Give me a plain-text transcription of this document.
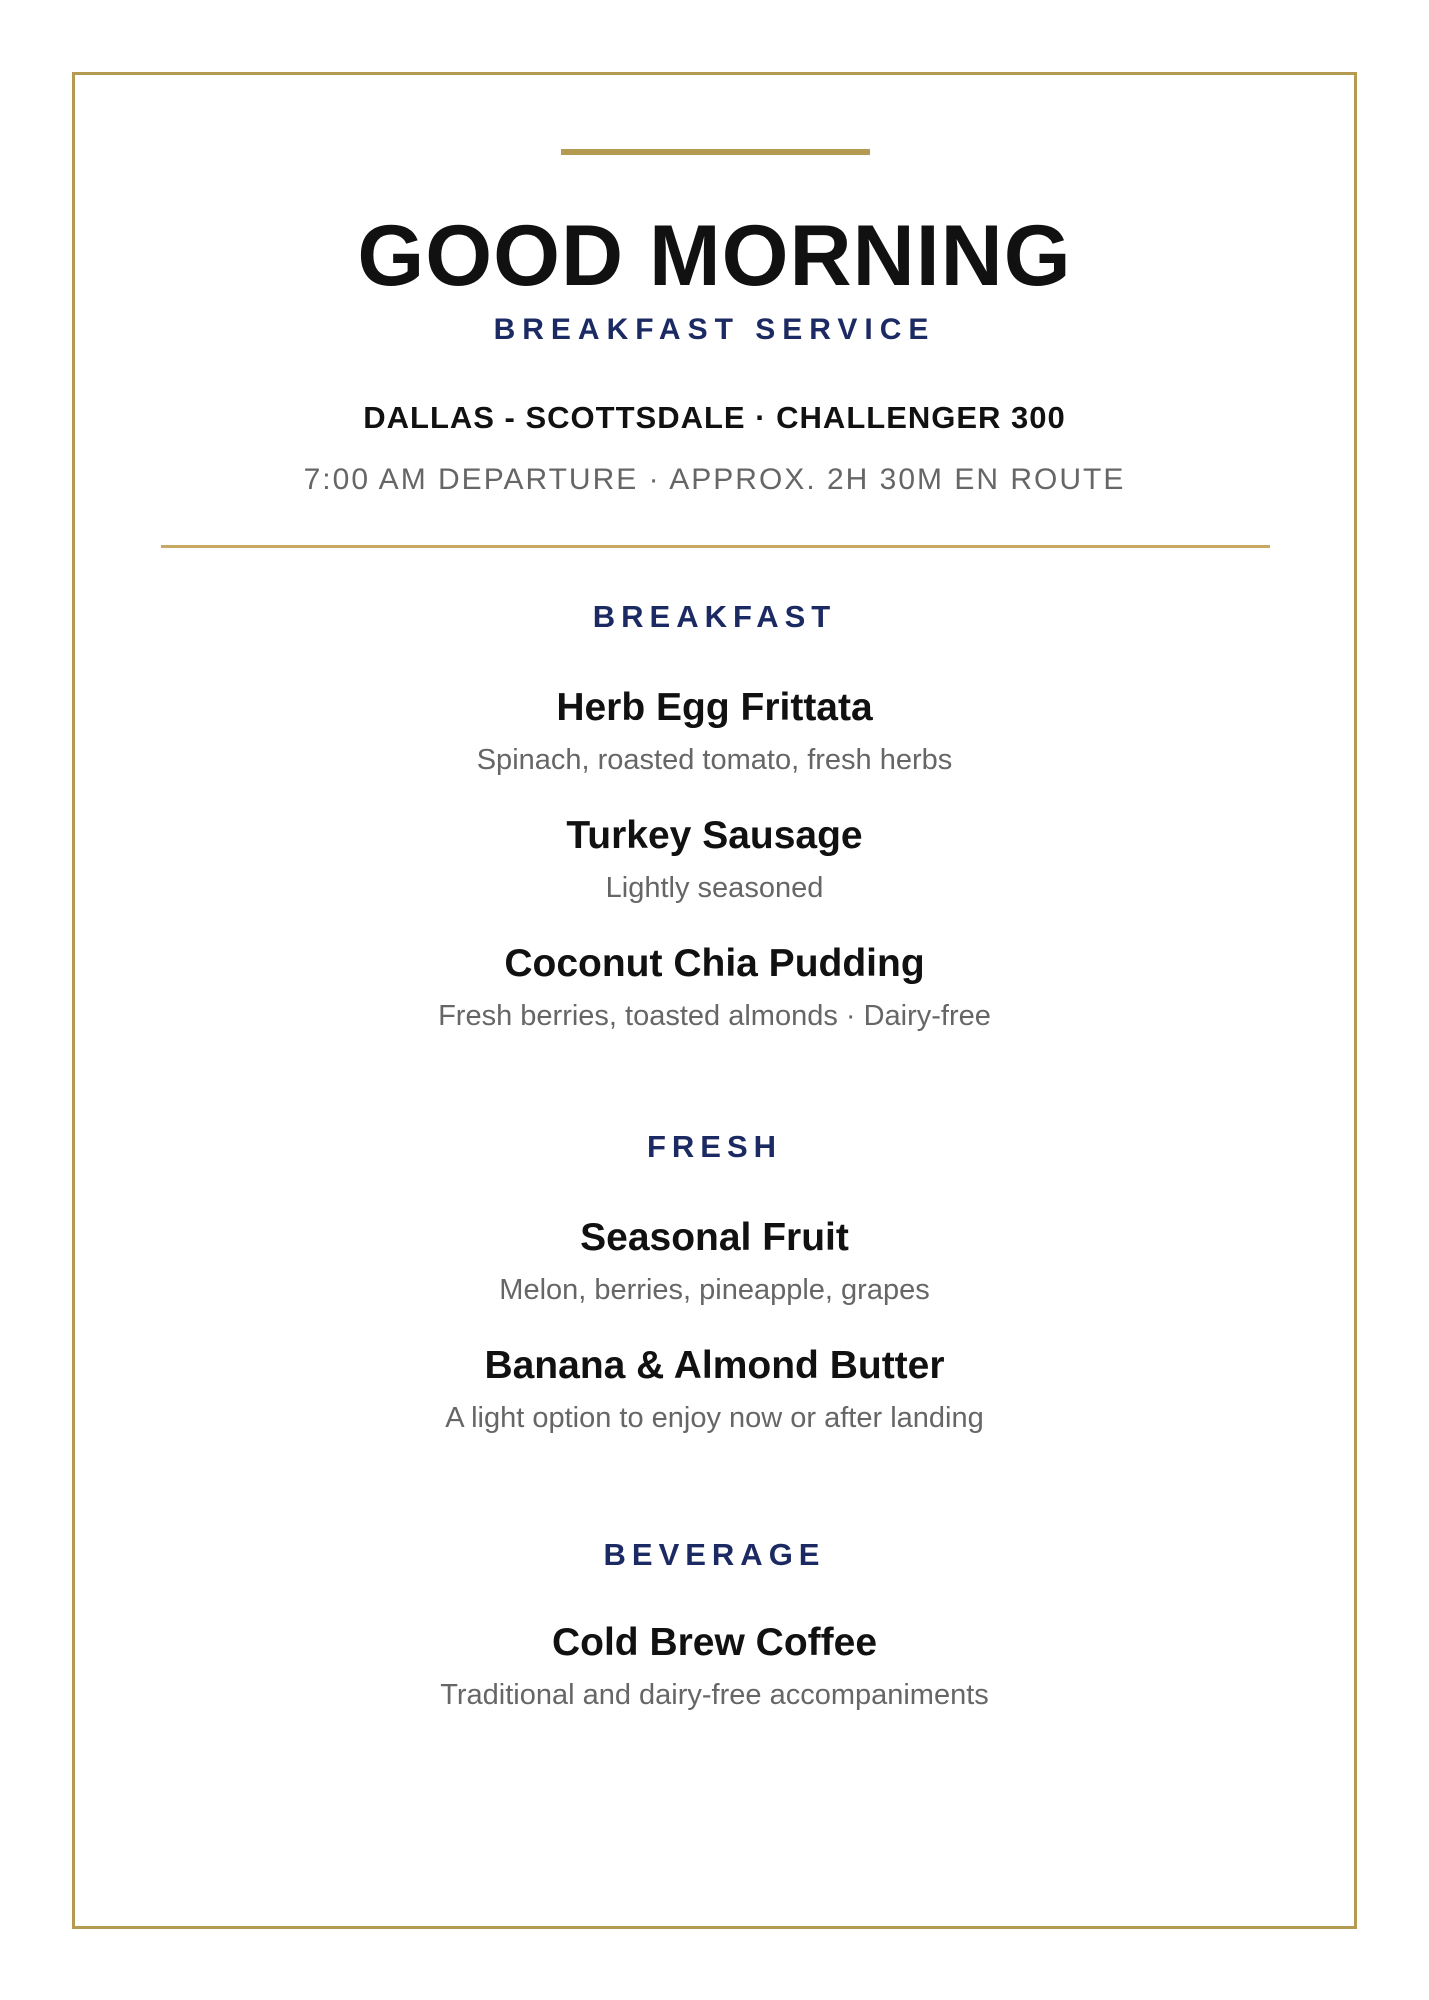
GOOD MORNING
BREAKFAST SERVICE
DALLAS - SCOTTSDALE · CHALLENGER 300
7:00 AM DEPARTURE · APPROX. 2H 30M EN ROUTE
BREAKFAST
Herb Egg Frittata
Spinach, roasted tomato, fresh herbs
Turkey Sausage
Lightly seasoned
Coconut Chia Pudding
Fresh berries, toasted almonds · Dairy-free
FRESH
Seasonal Fruit
Melon, berries, pineapple, grapes
Banana & Almond Butter
A light option to enjoy now or after landing
BEVERAGE
Cold Brew Coffee
Traditional and dairy-free accompaniments
